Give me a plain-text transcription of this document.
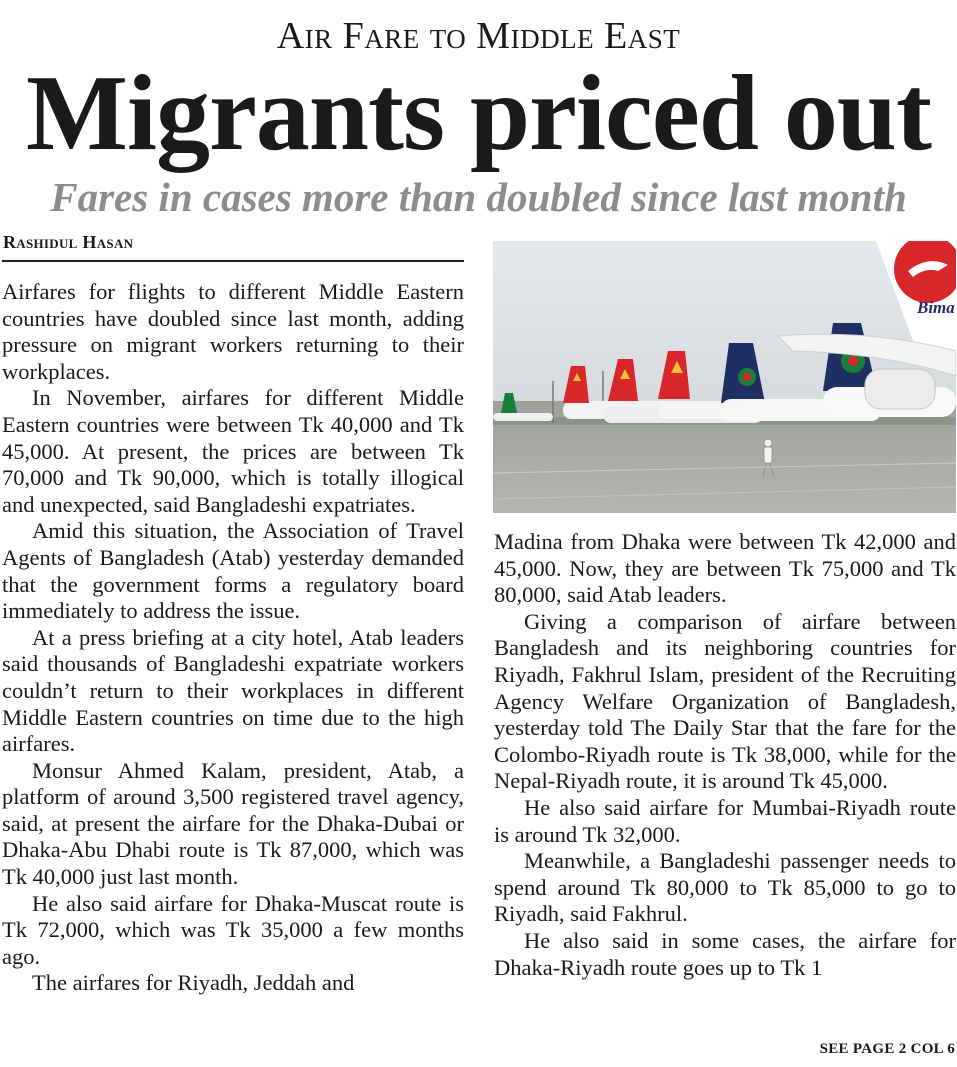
Air Fare to Middle East
Migrants priced out
Fares in cases more than doubled since last month
Rashidul Hasan

Airfares for flights to different Middle Eastern countries have doubled since last month, adding pressure on migrant workers returning to their workplaces.

In November, airfares for different Middle Eastern countries were between Tk 40,000 and Tk 45,000. At present, the prices are between Tk 70,000 and Tk 90,000, which is totally illogical and unexpected, said Bangladeshi expatriates.

Amid this situation, the Association of Travel Agents of Bangladesh (Atab) yesterday demanded that the government forms a regulatory board immediately to address the issue.

At a press briefing at a city hotel, Atab leaders said thousands of Bangladeshi expatriate workers couldn’t return to their workplaces in different Middle Eastern countries on time due to the high airfares.

Monsur Ahmed Kalam, president, Atab, a platform of around 3,500 registered travel agency, said, at present the airfare for the Dhaka-Dubai or Dhaka-Abu Dhabi route is Tk 87,000, which was Tk 40,000 just last month.

He also said airfare for Dhaka-Muscat route is Tk 72,000, which was Tk 35,000 a few months ago.

The airfares for Riyadh, Jeddah and

Bima

Madina from Dhaka were between Tk 42,000 and 45,000. Now, they are between Tk 75,000 and Tk 80,000, said Atab leaders.

Giving a comparison of airfare between Bangladesh and its neighboring countries for Riyadh, Fakhrul Islam, president of the Recruiting Agency Welfare Organization of Bangladesh, yesterday told The Daily Star that the fare for the Colombo-Riyadh route is Tk 38,000, while for the Nepal-Riyadh route, it is around Tk 45,000.

He also said airfare for Mumbai-Riyadh route is around Tk 32,000.

Meanwhile, a Bangladeshi passenger needs to spend around Tk 80,000 to Tk 85,000 to go to Riyadh, said Fakhrul.

He also said in some cases, the airfare for Dhaka-Riyadh route goes up to Tk 1

SEE PAGE 2 COL 6
